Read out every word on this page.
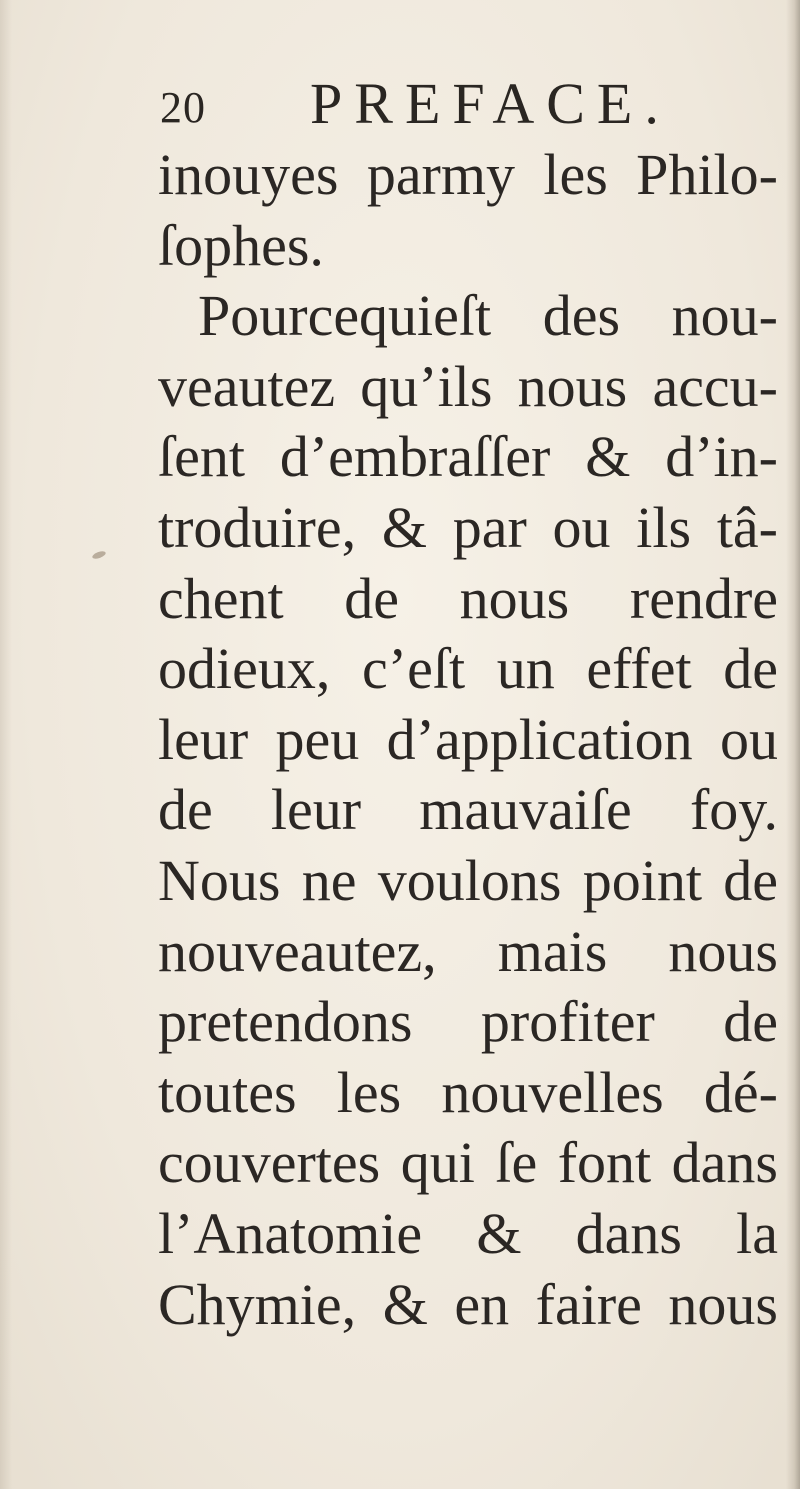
20 PREFACE.
inouyes parmy les Philo-
ſophes.
Pourcequieſt des nou-
veautez qu’ils nous accu-
ſent d’embraſſer & d’in-
troduire, & par ou ils tâ-
chent de nous rendre
odieux, c’eſt un effet de
leur peu d’application ou
de leur mauvaiſe foy.
Nous ne voulons point de
nouveautez, mais nous
pretendons profiter de
toutes les nouvelles dé-
couvertes qui ſe font dans
l’Anatomie & dans la
Chymie, & en faire nous
